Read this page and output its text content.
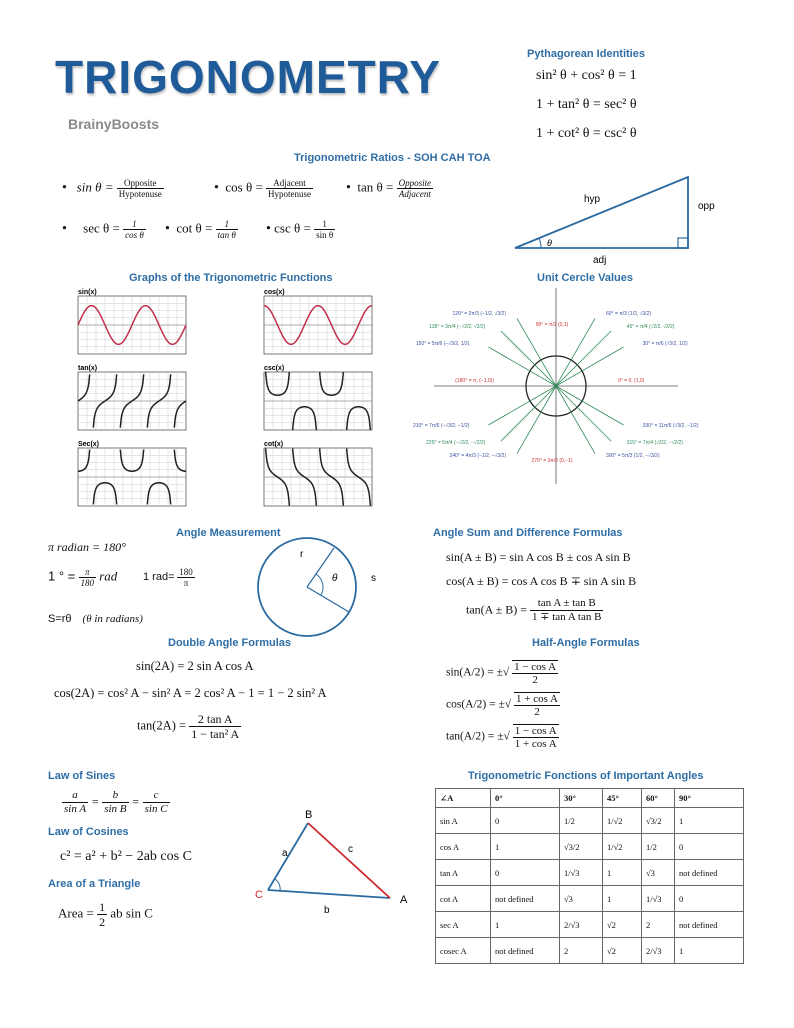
TRIGONOMETRY
BrainyBoosts
Pythagorean Identities
sin² θ + cos² θ = 1
1 + tan² θ = sec² θ
1 + cot² θ = csc² θ
Trigonometric Ratios - SOH CAH TOA
• sin θ =	Opposite
Hypotenuse	• cos θ =	Adjacent
Hypotenuse • tan θ = Opposite
Adjacent
• $\sec \theta = \frac{1}{\text{cos θ}}$ • $\cot \theta = \frac{1}{\text{tan θ}}$ • $\csc \theta = \frac{1}{\text{sin θ}}$
hyp
opp
adj
θ
Graphs of the Trigonometric Functions
sin(x)	cos(x)
tan(x)	csc(x)
Sec(x)	cot(x)
Unit Cercle Values
120° = 2π/3 (−1/2, √3/2)
90° = π/2 (0,1)
60° = π/3 (1/2, √3/2)
135° = 3π/4 (−√2/2, √2/2)	45° = π/4 (√2/2, √2/2)
150° = 5π/6 (−√3/2, 1/2)	30° = π/6 (√3/2, 1/2)
(180° = π, (−1,0))	0° = 0, (1,0)
210° = 7π/6 (−√3/2, −1/2)	330° = 11π/6 (√3/2, −1/2)
225° = 5π/4 (−√2/2, −√2/2)	315° = 7π/4 (√2/2, −√2/2)
240° = 4π/3 (−1/2, −√3/2)
270° = 3π/2 (0,−1)
300° = 5π/3 (1/2, −√3/2)
Angle Measurement
π radian = 180°
1 ° = $\frac{\pi}{180}$ rad 1 $rad= \frac{180}{\pi}$
S=rθ (θ in radians)
r
θ	s
Angle Sum and Difference Formulas
sin(A ± B) = sin A cos B ± cos A sin B
cos(A ± B) = cos A cos B ∓ sin A sin B
$\tan(A \pm B) = \frac{\text{tan A ± tan B}}{\text{1 ∓ tan A tan B}}$
Double Angle Formulas
sin(2A) = 2 sin A cos A
cos(2A) = cos² A − sin² A = 2 cos² A − 1 = 1 − 2 sin² A
$\tan(2A) = \frac{\text{2 tan A}}{\text{1 − tan² A}}$
Half-Angle Formulas
sin(A/2) = ±√ $\frac{\text{1 − cos A}}{2}$
cos(A/2) = ±√ $\frac{\text{1 + cos A}}{2}$
tan(A/2) = ±√ $\frac{\text{1 − cos A}}{\text{1 + cos A}}$
Law of Sines
$\frac{a}{\text{sin A}} = \frac{b}{\text{sin B}} = \frac{c}{\text{sin C}}$
Law of Cosines
c² = a² + b² − 2ab cos C
Area of a Triangle
Area = $\frac{1}{2}$ ab sin C
B
C	A
a	c
b
Trigonometric Fonctions of Important Angles
∠A	0°	30°	45°	60°	90°
sin A	0	1/2	1/√2	√3/2	1
cos A	1	√3/2	1/√2	1/2	0
tan A	0	1/√3	1	√3	not defined
cot A	not defined	√3	1	1/√3	0
sec A	1	2/√3	√2	2	not defined
cosec A	not defined	2	√2	2/√3	1
